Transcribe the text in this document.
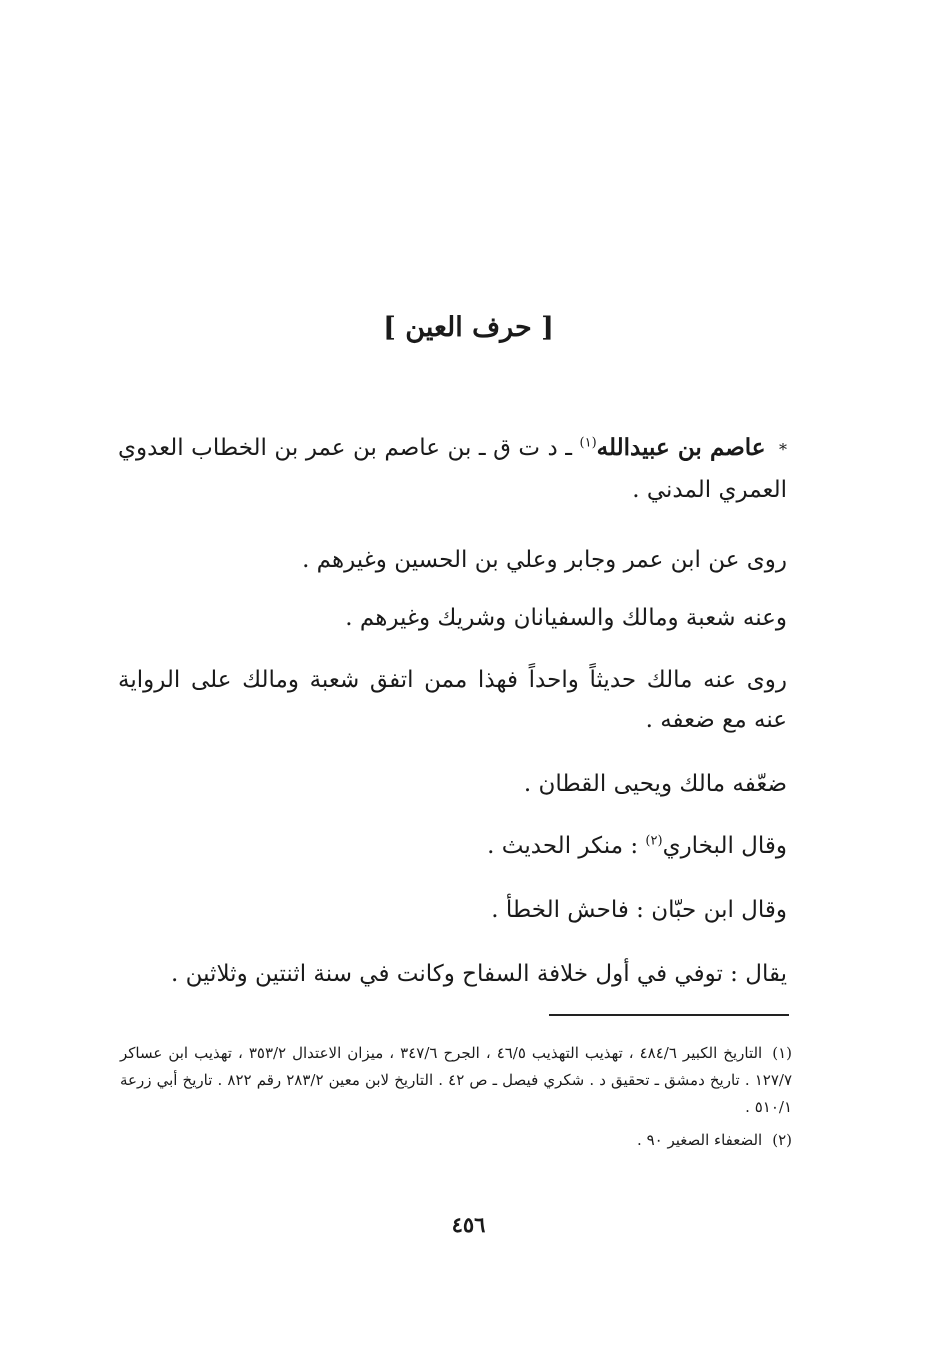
[ حرف العين ]
* عاصم بن عبيدالله$^{(١)}$ ـ د ت ق ـ بن عاصم بن عمر بن الخطاب العدوي العمري المدني .
روى عن ابن عمر وجابر وعلي بن الحسين وغيرهم .
وعنه شعبة ومالك والسفيانان وشريك وغيرهم .
روى عنه مالك حديثاً واحداً فهذا ممن اتفق شعبة ومالك على الرواية عنه مع ضعفه .
ضعّفه مالك ويحيى القطان .
وقال البخاري$^{(٢)}$ : منكر الحديث .
وقال ابن حبّان : فاحش الخطأ .
يقال : توفي في أول خلافة السفاح وكانت في سنة اثنتين وثلاثين .

(١)التاريخ الكبير ٤٨٤/٦ ، تهذيب التهذيب ٤٦/٥ ، الجرح ٣٤٧/٦ ، ميزان الاعتدال ٣٥٣/٢ ، تهذيب ابن عساكر ١٢٧/٧ . تاريخ دمشق ـ تحقيق د . شكري فيصل ـ ص ٤٢ . التاريخ لابن معين ٢٨٣/٢ رقم ٨٢٢ . تاريخ أبي زرعة ٥١٠/١ .

(٢)الضعفاء الصغير ٩٠ .

٤٥٦
